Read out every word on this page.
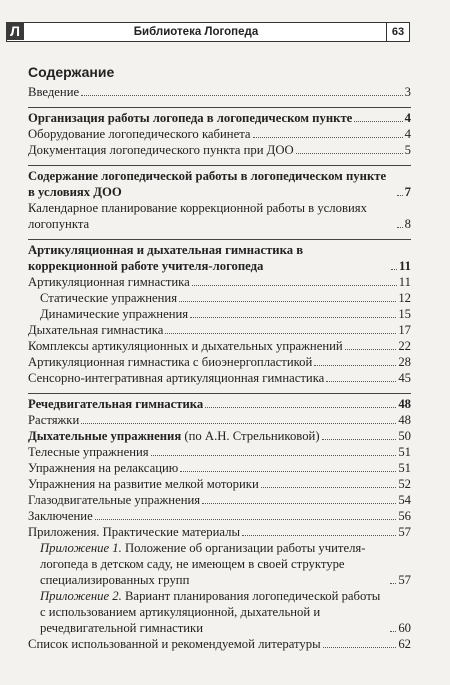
Л	Библиотека Логопеда	63
Содержание
Введение	3
Организация работы логопеда в логопедическом пункте	4
Оборудование логопедического кабинета	4
Документация логопедического пункта при ДОО	5
Содержание логопедической работы в логопедическом пункте в условиях ДОО	7
Календарное планирование коррекционной работы в условиях логопункта	8
Артикуляционная и дыхательная гимнастика в коррекционной работе учителя-логопеда	11
Артикуляционная гимнастика	11
Статические упражнения	12
Динамические упражнения	15
Дыхательная гимнастика	17
Комплексы артикуляционных и дыхательных упражнений	22
Артикуляционная гимнастика с биоэнергопластикой	28
Сенсорно-интегративная артикуляционная гимнастика	45
Речедвигательная гимнастика	48
Растяжки	48
Дыхательные упражнения (по А.Н. Стрельниковой)	50
Телесные упражнения	51
Упражнения на релаксацию	51
Упражнения на развитие мелкой моторики	52
Глазодвигательные упражнения	54
Заключение	56
Приложения. Практические материалы	57
Приложение 1. Положение об организации работы учителя-логопеда в детском саду, не имеющем в своей структуре специализированных групп	57
Приложение 2. Вариант планирования логопедической работы с использованием артикуляционной, дыхательной и речедвигательной гимнастики	60
Список использованной и рекомендуемой литературы	62
